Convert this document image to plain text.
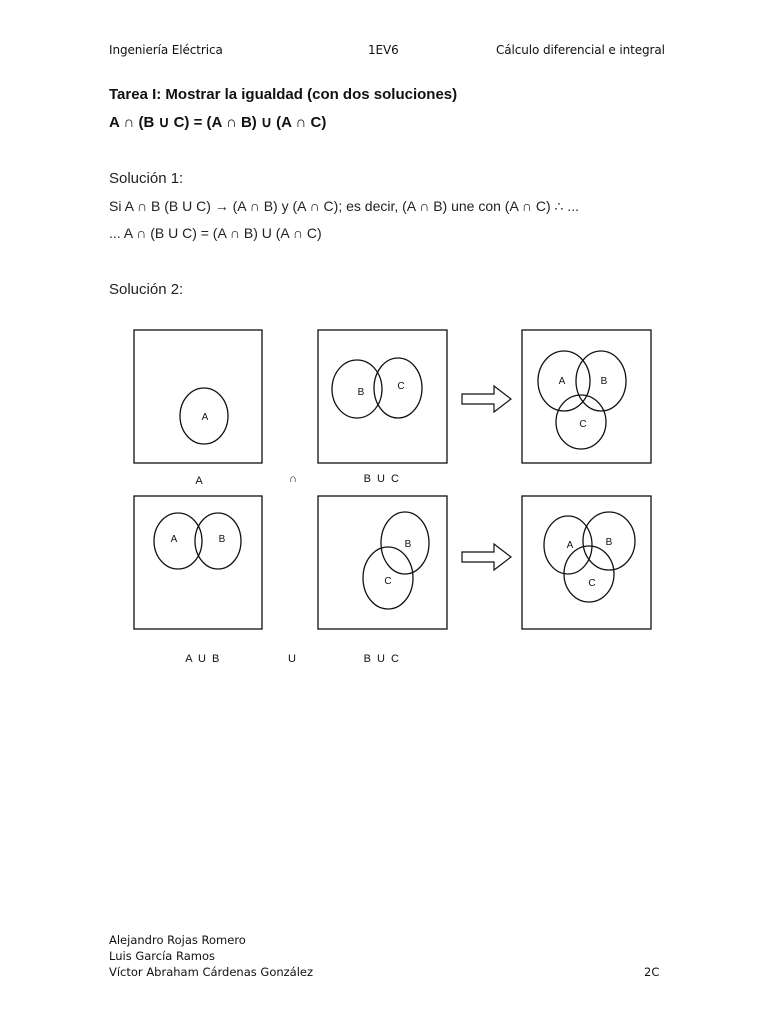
Ingeniería Eléctrica	1EV6	Cálculo diferencial e integral
Tarea I: Mostrar la igualdad (con dos soluciones)
A ∩ (B ∪ C) = (A ∩ B) ∪ (A ∩ C)
Solución 1:
Si A ∩ B (B U C) → (A ∩ B) y (A ∩ C); es decir, (A ∩ B) une con (A ∩ C) ∴ ...
... A ∩ (B U C) = (A ∩ B) U (A ∩ C)
Solución 2:
A
B
C	A	B
C
A	B	B
C
A	B
C
A	∩	B U C
A U B	U	B U C
Alejandro Rojas Romero
Luis García Ramos
Víctor Abraham Cárdenas González	2C
